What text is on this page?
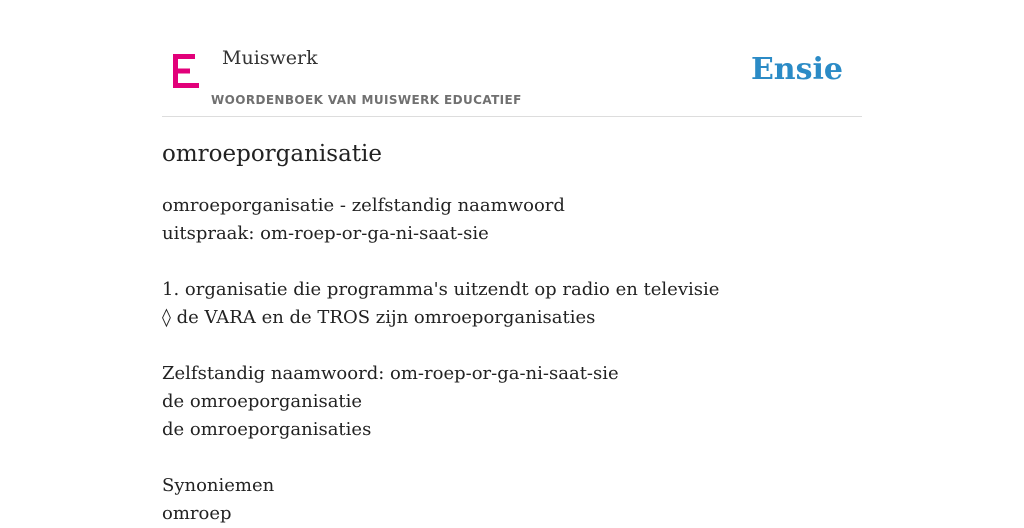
Muiswerk
WOORDENBOEK VAN MUISWERK EDUCATIEF
Ensie
omroeporganisatie
omroeporganisatie - zelfstandig naamwoord
uitspraak: om-roep-or-ga-ni-saat-sie
1. organisatie die programma's uitzendt op radio en televisie
◊ de VARA en de TROS zijn omroeporganisaties
Zelfstandig naamwoord: om-roep-or-ga-ni-saat-sie
de omroeporganisatie
de omroeporganisaties
Synoniemen
omroep
